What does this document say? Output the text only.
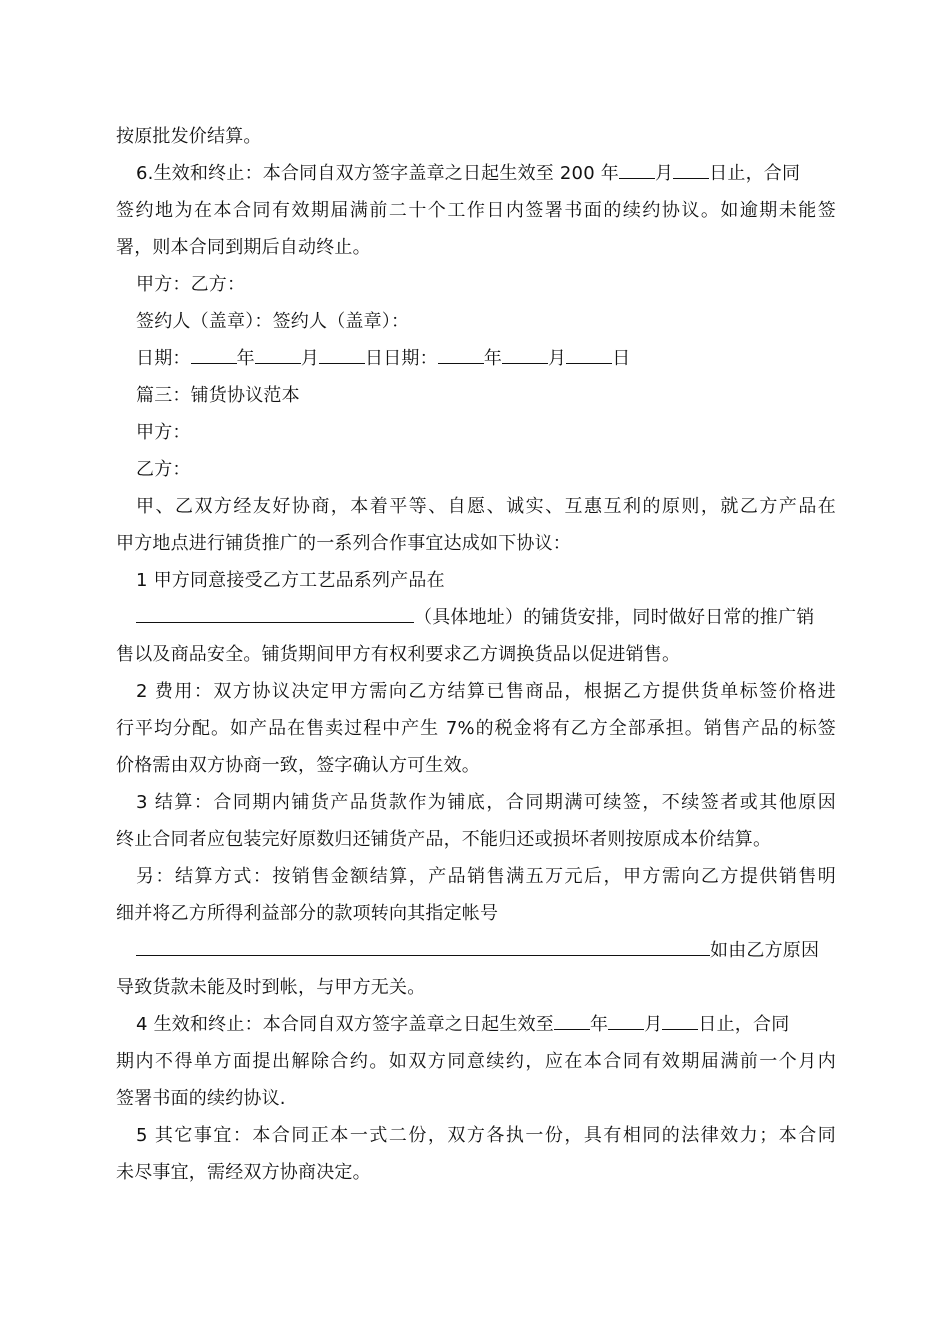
按原批发价结算。
6.生效和终止：本合同自双方签字盖章之日起生效至 200 年 月 日止，合同
签约地为在本合同有效期届满前二十个工作日内签署书面的续约协议。如逾期未能签
署，则本合同到期后自动终止。
甲方：乙方：
签约人（盖章）：签约人（盖章）：
日期：	年	月	日日期：	年	月	日
篇三：铺货协议范本
甲方：
乙方：
甲、乙双方经友好协商，本着平等、自愿、诚实、互惠互利的原则，就乙方产品在
甲方地点进行铺货推广的一系列合作事宜达成如下协议：
1 甲方同意接受乙方工艺品系列产品在
（具体地址）的铺货安排，同时做好日常的推广销
售以及商品安全。铺货期间甲方有权利要求乙方调换货品以促进销售。
2 费用：双方协议决定甲方需向乙方结算已售商品，根据乙方提供货单标签价格进
行平均分配。如产品在售卖过程中产生 7%的税金将有乙方全部承担。销售产品的标签
价格需由双方协商一致，签字确认方可生效。
3 结算：合同期内铺货产品货款作为铺底，合同期满可续签，不续签者或其他原因
终止合同者应包装完好原数归还铺货产品，不能归还或损坏者则按原成本价结算。
另：结算方式：按销售金额结算，产品销售满五万元后，甲方需向乙方提供销售明
细并将乙方所得利益部分的款项转向其指定帐号
如由乙方原因
导致货款未能及时到帐，与甲方无关。
4 生效和终止：本合同自双方签字盖章之日起生效至 年 月 日止，合同
期内不得单方面提出解除合约。如双方同意续约，应在本合同有效期届满前一个月内
签署书面的续约协议.
5 其它事宜：本合同正本一式二份，双方各执一份，具有相同的法律效力；本合同
未尽事宜，需经双方协商决定。
